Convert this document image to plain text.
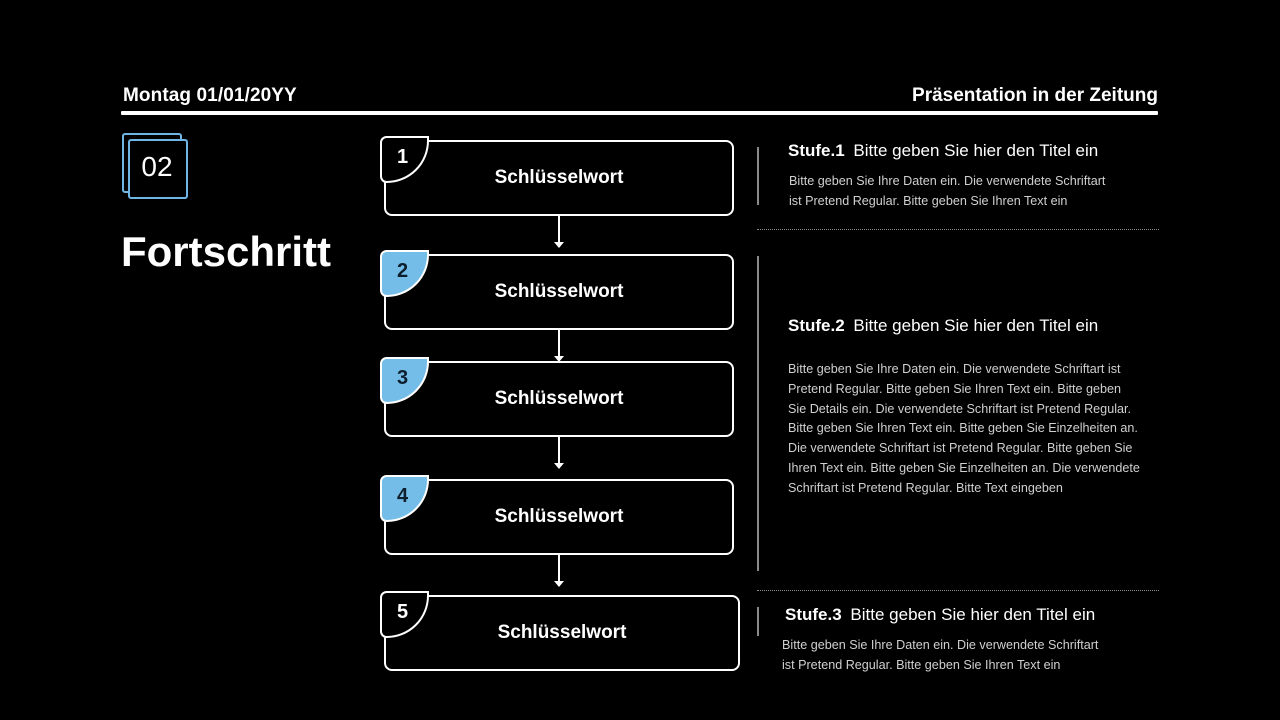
Montag 01/01/20YY	Präsentation in der Zeitung
02
Fortschritt
Schlüsselwort
1
Schlüsselwort
2
Schlüsselwort
3
Schlüsselwort
4
Schlüsselwort
5
Stufe.1 Bitte geben Sie hier den Titel ein
Bitte geben Sie Ihre Daten ein. Die verwendete Schriftart
ist Pretend Regular. Bitte geben Sie Ihren Text ein
Stufe.2 Bitte geben Sie hier den Titel ein
Bitte geben Sie Ihre Daten ein. Die verwendete Schriftart ist
Pretend Regular. Bitte geben Sie Ihren Text ein. Bitte geben
Sie Details ein. Die verwendete Schriftart ist Pretend Regular.
Bitte geben Sie Ihren Text ein. Bitte geben Sie Einzelheiten an.
Die verwendete Schriftart ist Pretend Regular. Bitte geben Sie
Ihren Text ein. Bitte geben Sie Einzelheiten an. Die verwendete
Schriftart ist Pretend Regular. Bitte Text eingeben
Stufe.3 Bitte geben Sie hier den Titel ein
Bitte geben Sie Ihre Daten ein. Die verwendete Schriftart
ist Pretend Regular. Bitte geben Sie Ihren Text ein
